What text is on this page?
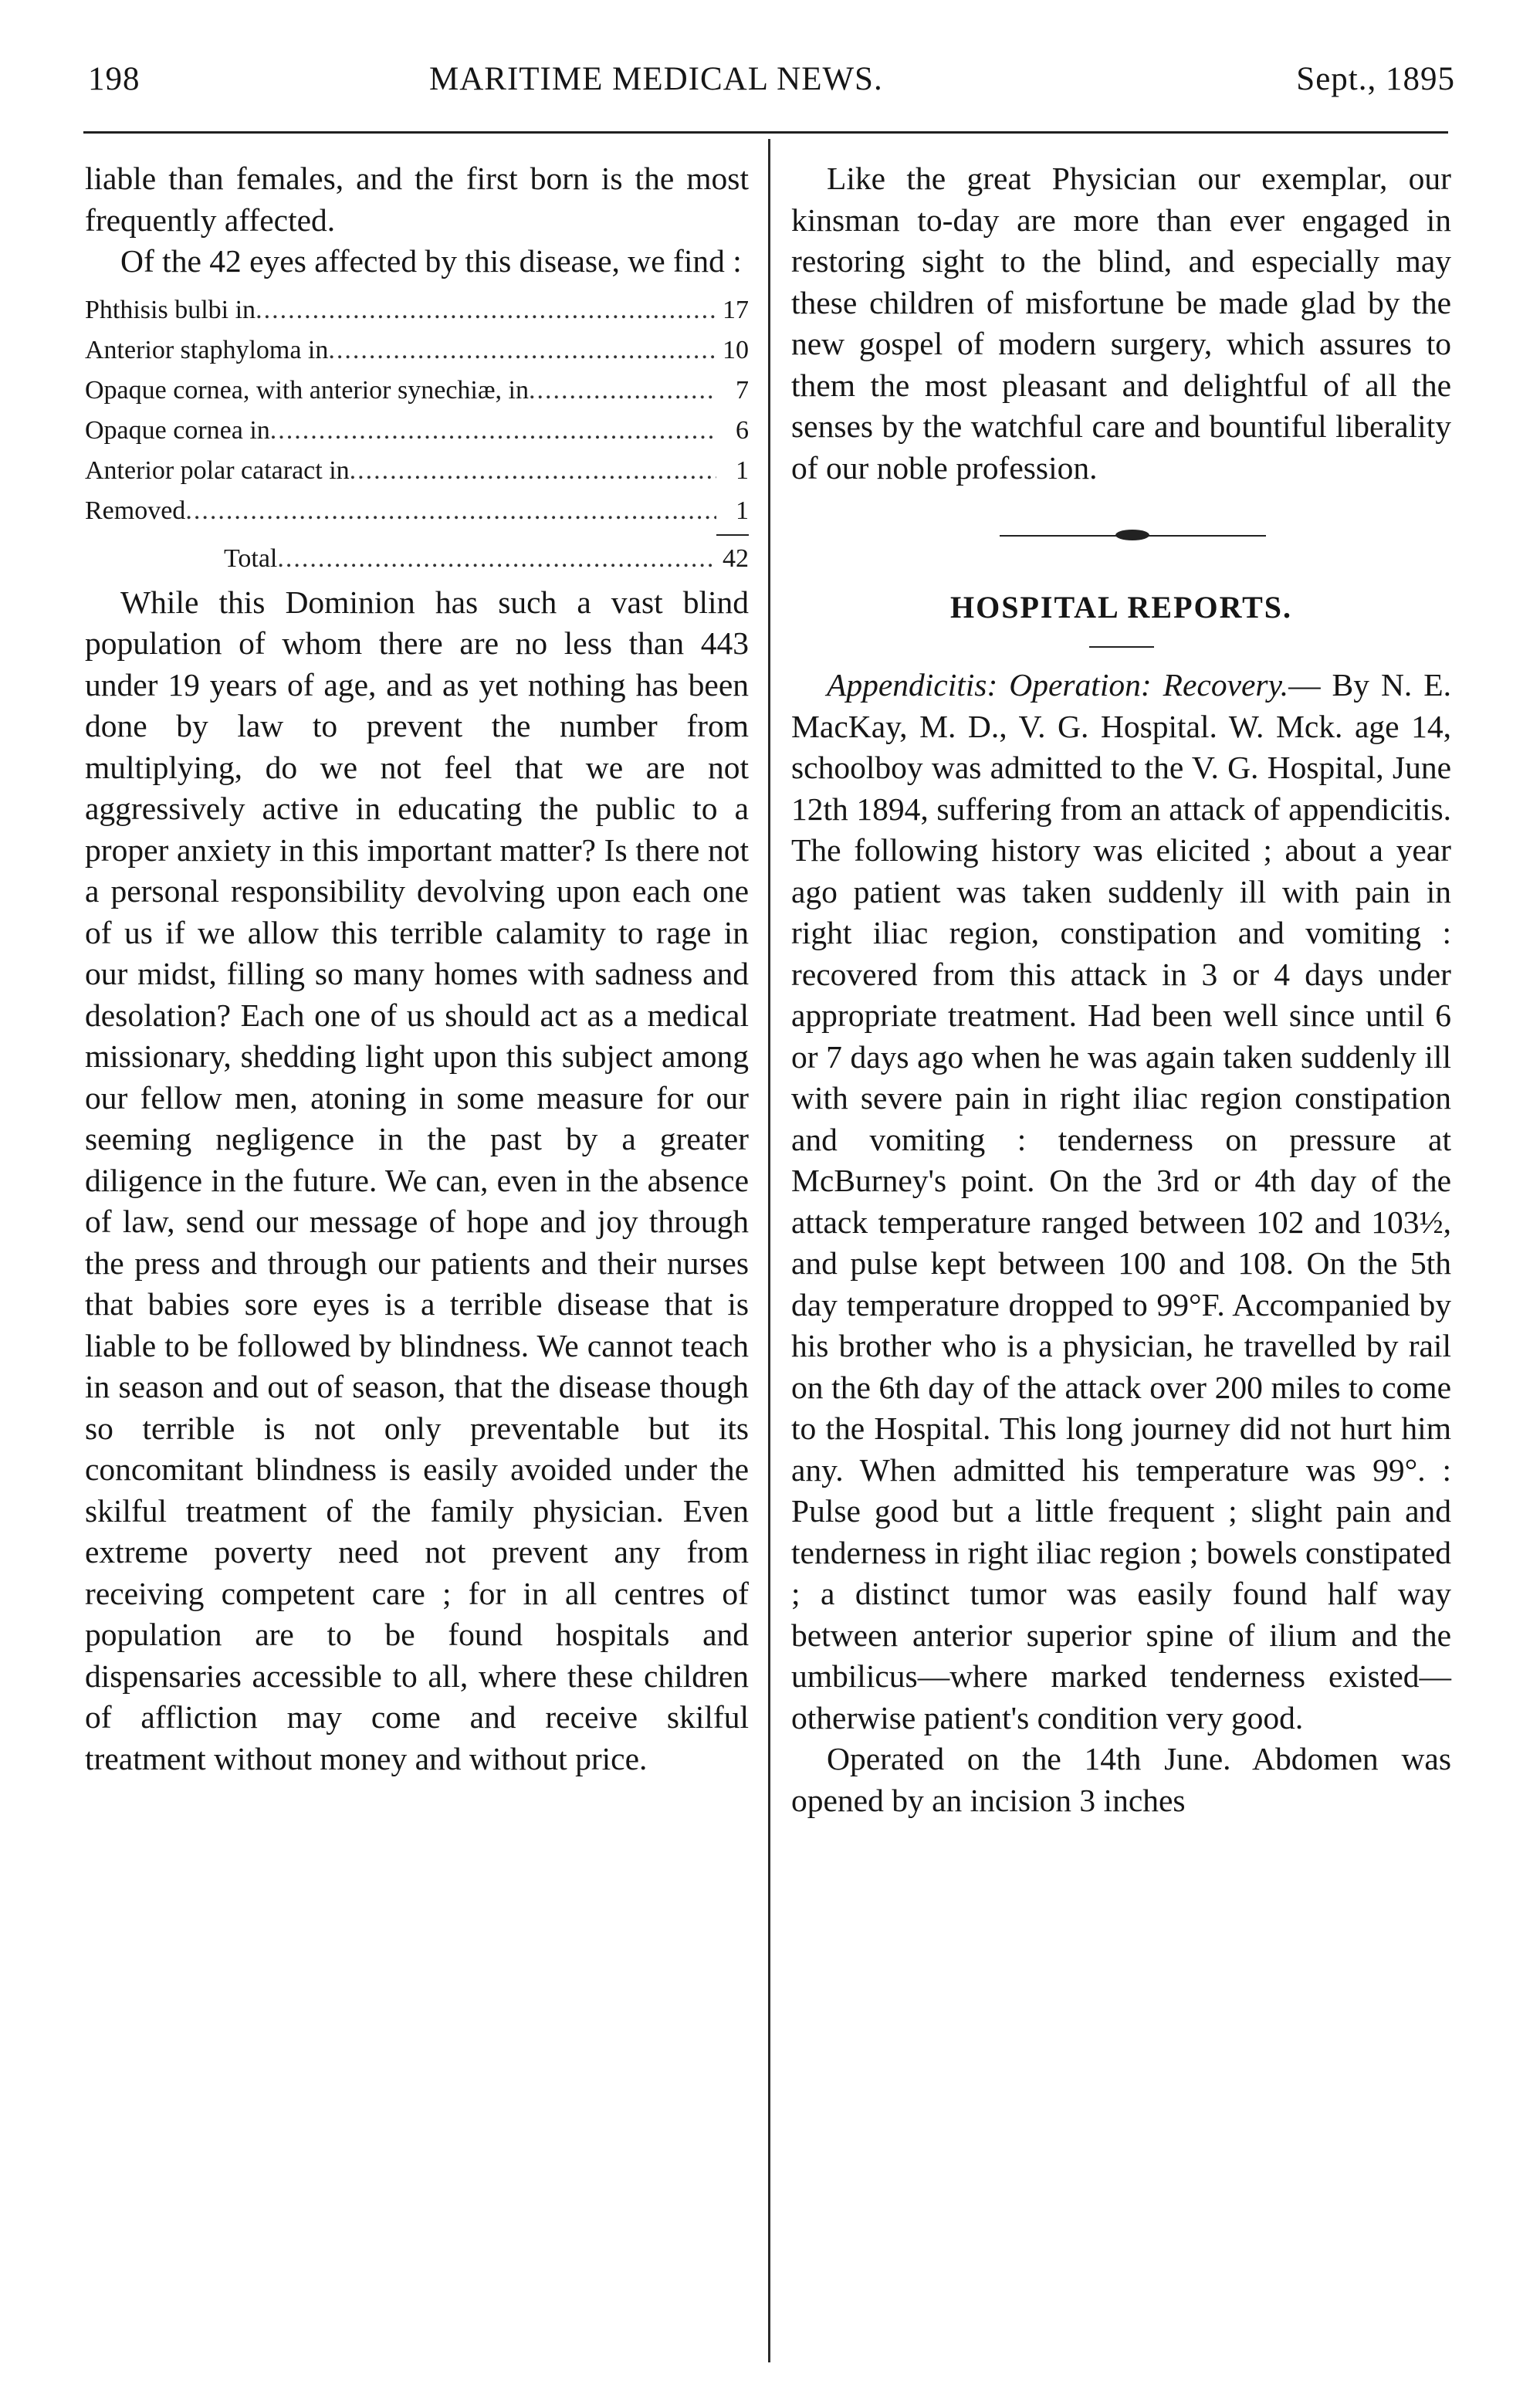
198	MARITIME MEDICAL NEWS.	Sept., 1895

liable than females, and the first born is the most frequently affected.

Of the 42 eyes affected by this disease, we find :

Phthisis bulbi in .....	17
Anterior staphyloma in .....	10
Opaque cornea, with anterior synechiæ, in .....	7
Opaque cornea in .....	6
Anterior polar cataract in .....	1
Removed .....	1
Total .....	42

While this Dominion has such a vast blind population of whom there are no less than 443 under 19 years of age, and as yet nothing has been done by law to prevent the number from multiplying, do we not feel that we are not aggressively active in educating the public to a proper anxiety in this important matter? Is there not a personal responsibility devolving upon each one of us if we allow this terrible calamity to rage in our midst, filling so many homes with sadness and desolation? Each one of us should act as a medical missionary, shedding light upon this subject among our fellow men, atoning in some measure for our seeming negligence in the past by a greater diligence in the future. We can, even in the absence of law, send our message of hope and joy through the press and through our patients and their nurses that babies sore eyes is a terrible disease that is liable to be followed by blindness. We cannot teach in season and out of season, that the disease though so terrible is not only preventable but its concomitant blindness is easily avoided under the skilful treatment of the family physician. Even extreme poverty need not prevent any from receiving competent care ; for in all centres of population are to be found hospitals and dispensaries accessible to all, where these children of affliction may come and receive skilful treatment without money and without price.

Like the great Physician our exemplar, our kinsman to-day are more than ever engaged in restoring sight to the blind, and especially may these children of misfortune be made glad by the new gospel of modern surgery, which assures to them the most pleasant and delightful of all the senses by the watchful care and bountiful liberality of our noble profession.

HOSPITAL REPORTS.

Appendicitis: Operation: Recovery.— By N. E. MacKay, M. D., V. G. Hospital. W. Mck. age 14, schoolboy was admitted to the V. G. Hospital, June 12th 1894, suffering from an attack of appendicitis. The following history was elicited ; about a year ago patient was taken suddenly ill with pain in right iliac region, constipation and vomiting : recovered from this attack in 3 or 4 days under appropriate treatment. Had been well since until 6 or 7 days ago when he was again taken suddenly ill with severe pain in right iliac region constipation and vomiting : tenderness on pressure at McBurney's point. On the 3rd or 4th day of the attack temperature ranged between 102 and 103½, and pulse kept between 100 and 108. On the 5th day temperature dropped to 99°F. Accompanied by his brother who is a physician, he travelled by rail on the 6th day of the attack over 200 miles to come to the Hospital. This long journey did not hurt him any. When admitted his temperature was 99°. : Pulse good but a little frequent ; slight pain and tenderness in right iliac region ; bowels constipated ; a distinct tumor was easily found half way between anterior superior spine of ilium and the umbilicus—where marked tenderness existed—otherwise patient's condition very good.

Operated on the 14th June. Abdomen was opened by an incision 3 inches
